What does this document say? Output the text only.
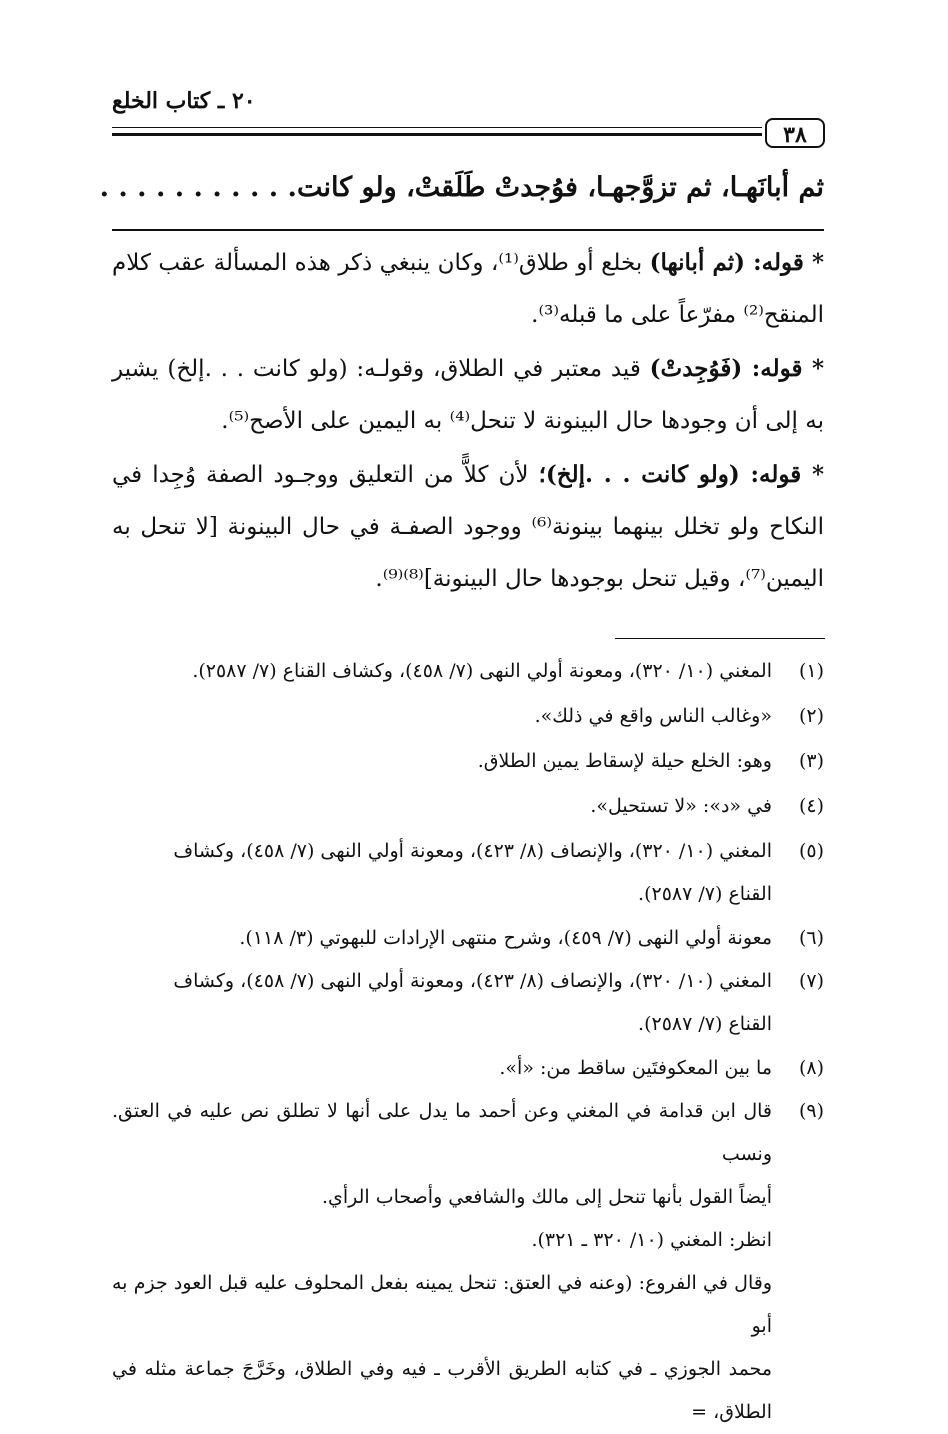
٢٠ ـ كتاب الخلع
٣٨
ثم أبانَهـا، ثم تزوَّجهـا، فوُجدتْ طَلَقتْ، ولو كانت. . . . . . . . . . .
* قوله: (ثم أبانها) بخلع أو طلاق⁽¹⁾، وكان ينبغي ذكر هذه المسألة عقب كلام المنقح⁽²⁾ مفرّعاً على ما قبله⁽³⁾.
* قوله: (فَوُجِدتْ) قيد معتبر في الطلاق، وقولـه: (ولو كانت . . .إلخ) يشير به إلى أن وجودها حال البينونة لا تنحل⁽⁴⁾ به اليمين على الأصح⁽⁵⁾.
* قوله: (ولو كانت . . .إلخ)؛ لأن كلاًّ من التعليق ووجـود الصفة وُجِدا في النكاح ولو تخلل بينهما بينونة⁽⁶⁾ ووجود الصفـة في حال البينونة [لا تنحل به اليمين⁽⁷⁾، وقيل تنحل بوجودها حال البينونة]⁽⁸⁾⁽⁹⁾.
(١)
المغني (١٠/ ٣٢٠)، ومعونة أولي النهى (٧/ ٤٥٨)، وكشاف القناع (٧/ ٢٥٨٧).
(٢)
«وغالب الناس واقع في ذلك».
(٣)
وهو: الخلع حيلة لإسقاط يمين الطلاق.
(٤)
في «د»: «لا تستحيل».
(٥)
المغني (١٠/ ٣٢٠)، والإنصاف (٨/ ٤٢٣)، ومعونة أولي النهى (٧/ ٤٥٨)، وكشاف
القناع (٧/ ٢٥٨٧).
(٦)
معونة أولي النهى (٧/ ٤٥٩)، وشرح منتهى الإرادات للبهوتي (٣/ ١١٨).
(٧)
المغني (١٠/ ٣٢٠)، والإنصاف (٨/ ٤٢٣)، ومعونة أولي النهى (٧/ ٤٥٨)، وكشاف
القناع (٧/ ٢٥٨٧).
(٨)
ما بين المعكوفتَين ساقط من: «أ».
(٩)
قال ابن قدامة في المغني وعن أحمد ما يدل على أنها لا تطلق نص عليه في العتق. ونسب
أيضاً القول بأنها تنحل إلى مالك والشافعي وأصحاب الرأي.
انظر: المغني (١٠/ ٣٢٠ ـ ٣٢١).
وقال في الفروع: (وعنه في العتق: تنحل يمينه بفعل المحلوف عليه قبل العود جزم به أبو
محمد الجوزي ـ في كتابه الطريق الأقرب ـ فيه وفي الطلاق، وخَرَّجَ جماعة مثله في الطلاق، =
